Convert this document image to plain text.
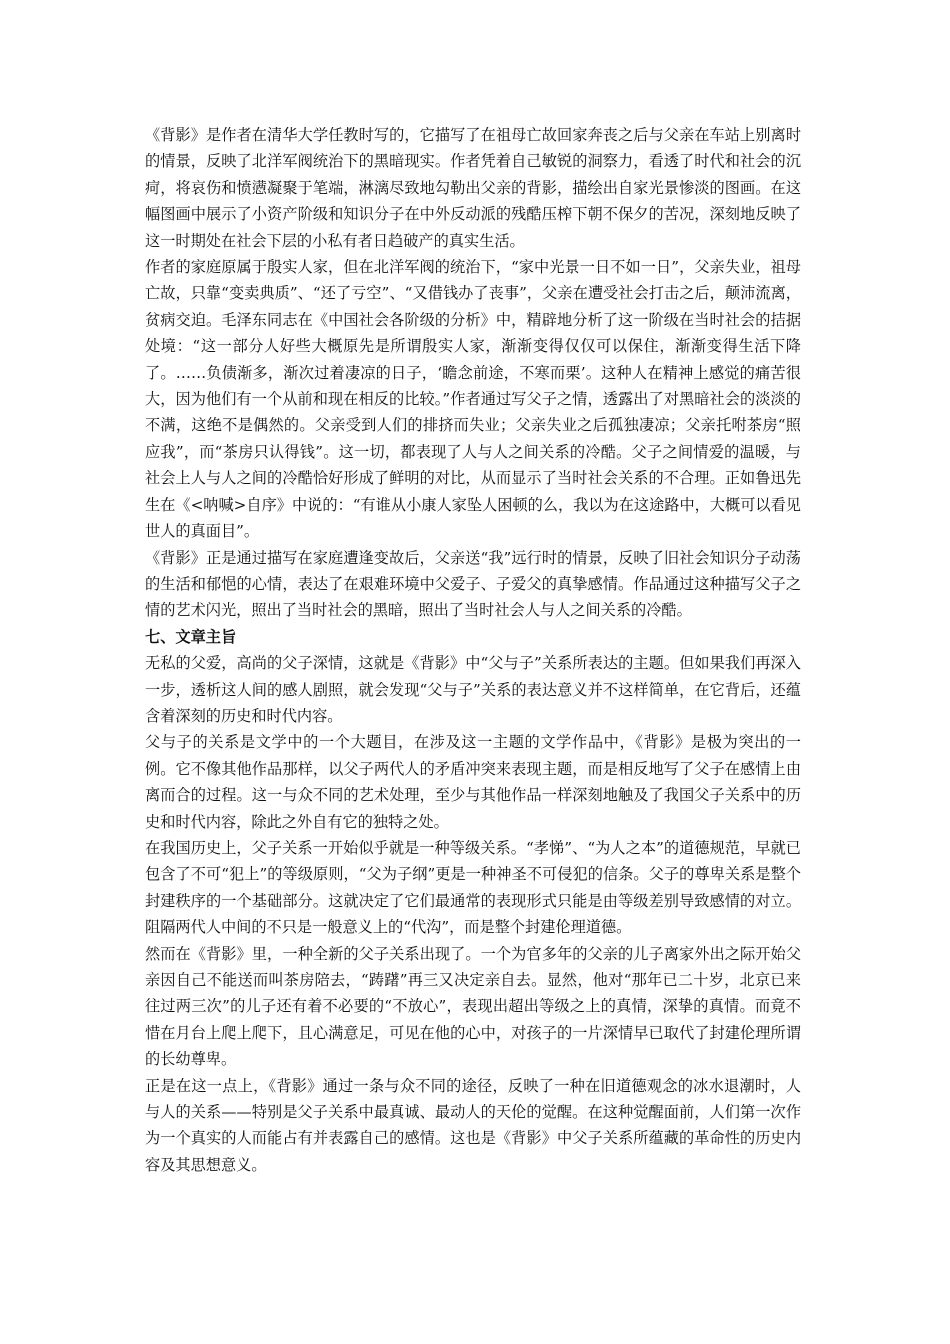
《背影》是作者在清华大学任教时写的，它描写了在祖母亡故回家奔丧之后与父亲在车站上别离时的情景，反映了北洋军阀统治下的黑暗现实。作者凭着自己敏锐的洞察力，看透了时代和社会的沉疴，将哀伤和愤懑凝聚于笔端，淋漓尽致地勾勒出父亲的背影，描绘出自家光景惨淡的图画。在这幅图画中展示了小资产阶级和知识分子在中外反动派的残酷压榨下朝不保夕的苦况，深刻地反映了这一时期处在社会下层的小私有者日趋破产的真实生活。

作者的家庭原属于殷实人家，但在北洋军阀的统治下，“家中光景一日不如一日”，父亲失业，祖母亡故，只靠“变卖典质”、“还了亏空”、“又借钱办了丧事”，父亲在遭受社会打击之后，颠沛流离，贫病交迫。毛泽东同志在《中国社会各阶级的分析》中，精辟地分析了这一阶级在当时社会的拮据处境：“这一部分人好些大概原先是所谓殷实人家，渐渐变得仅仅可以保住，渐渐变得生活下降了。……负债渐多，渐次过着凄凉的日子，‘瞻念前途，不寒而栗’。这种人在精神上感觉的痛苦很大，因为他们有一个从前和现在相反的比较。”作者通过写父子之情，透露出了对黑暗社会的淡淡的不满，这绝不是偶然的。父亲受到人们的排挤而失业；父亲失业之后孤独凄凉；父亲托咐茶房“照应我”，而“茶房只认得钱”。这一切，都表现了人与人之间关系的冷酷。父子之间情爱的温暖，与社会上人与人之间的冷酷恰好形成了鲜明的对比，从而显示了当时社会关系的不合理。正如鲁迅先生在《<呐喊>自序》中说的：“有谁从小康人家坠人困顿的么，我以为在这途路中，大概可以看见世人的真面目”。

《背影》正是通过描写在家庭遭逢变故后，父亲送“我”远行时的情景，反映了旧社会知识分子动荡的生活和郁悒的心情，表达了在艰难环境中父爱子、子爱父的真挚感情。作品通过这种描写父子之情的艺术闪光，照出了当时社会的黑暗，照出了当时社会人与人之间关系的冷酷。

七、文章主旨

无私的父爱，高尚的父子深情，这就是《背影》中“父与子”关系所表达的主题。但如果我们再深入一步，透析这人间的感人剧照，就会发现“父与子”关系的表达意义并不这样简单，在它背后，还蕴含着深刻的历史和时代内容。

父与子的关系是文学中的一个大题目，在涉及这一主题的文学作品中，《背影》是极为突出的一例。它不像其他作品那样，以父子两代人的矛盾冲突来表现主题，而是相反地写了父子在感情上由离而合的过程。这一与众不同的艺术处理，至少与其他作品一样深刻地触及了我国父子关系中的历史和时代内容，除此之外自有它的独特之处。

在我国历史上，父子关系一开始似乎就是一种等级关系。“孝悌”、“为人之本”的道德规范，早就已包含了不可“犯上”的等级原则，“父为子纲”更是一种神圣不可侵犯的信条。父子的尊卑关系是整个封建秩序的一个基础部分。这就决定了它们最通常的表现形式只能是由等级差别导致感情的对立。阻隔两代人中间的不只是一般意义上的“代沟”，而是整个封建伦理道德。

然而在《背影》里，一种全新的父子关系出现了。一个为官多年的父亲的儿子离家外出之际开始父亲因自己不能送而叫茶房陪去，“踌躇”再三又决定亲自去。显然，他对“那年已二十岁，北京已来往过两三次”的儿子还有着不必要的“不放心”，表现出超出等级之上的真情，深挚的真情。而竟不惜在月台上爬上爬下，且心满意足，可见在他的心中，对孩子的一片深情早已取代了封建伦理所谓的长幼尊卑。

正是在这一点上，《背影》通过一条与众不同的途径，反映了一种在旧道德观念的冰水退潮时，人与人的关系——特别是父子关系中最真诚、最动人的天伦的觉醒。在这种觉醒面前，人们第一次作为一个真实的人而能占有并表露自己的感情。这也是《背影》中父子关系所蕴藏的革命性的历史内容及其思想意义。
